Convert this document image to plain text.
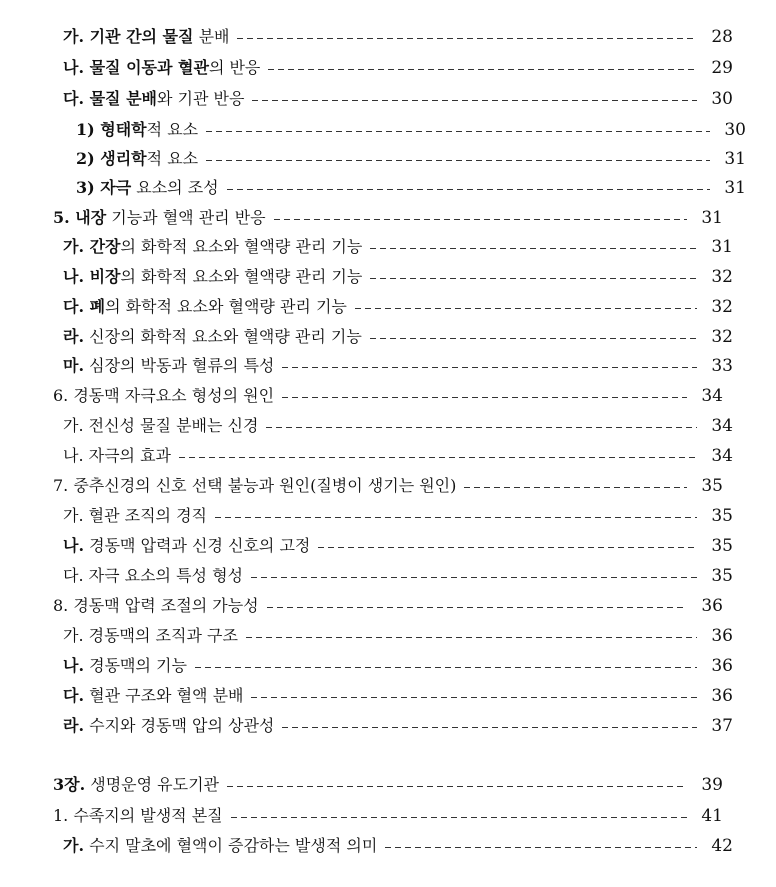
가. 기관 간의 물질 분배	28
나. 물질 이동과 혈관의 반응	29
다. 물질 분배와 기관 반응	30
1) 형태학적 요소	30
2) 생리학적 요소	31
3) 자극 요소의 조성	31
5. 내장 기능과 혈액 관리 반응	31
가. 간장의 화학적 요소와 혈액량 관리 기능	31
나. 비장의 화학적 요소와 혈액량 관리 기능	32
다. 폐의 화학적 요소와 혈액량 관리 기능	32
라. 신장의 화학적 요소와 혈액량 관리 기능	32
마. 심장의 박동과 혈류의 특성	33
6. 경동맥 자극요소 형성의 원인	34
가. 전신성 물질 분배는 신경	34
나. 자극의 효과	34
7. 중추신경의 신호 선택 불능과 원인(질병이 생기는 원인)	35
가. 혈관 조직의 경직	35
나. 경동맥 압력과 신경 신호의 고정	35
다. 자극 요소의 특성 형성	35
8. 경동맥 압력 조절의 가능성	36
가. 경동맥의 조직과 구조	36
나. 경동맥의 기능	36
다. 혈관 구조와 혈액 분배	36
라. 수지와 경동맥 압의 상관성	37
3장. 생명운영 유도기관	39
1. 수족지의 발생적 본질	41
가. 수지 말초에 혈액이 증감하는 발생적 의미	42
